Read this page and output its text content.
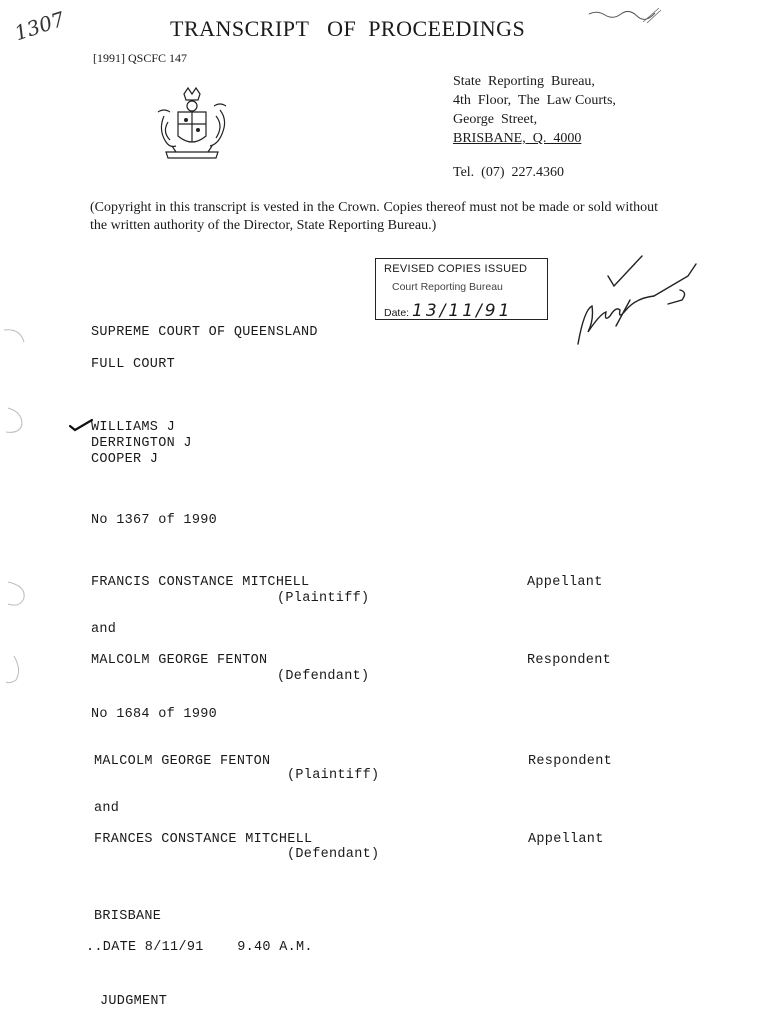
1307	TRANSCRIPT   OF  PROCEEDINGS
[1991] QSCFC 147
State  Reporting  Bureau,
4th  Floor,  The  Law Courts,
George  Street,
BRISBANE,  Q.  4000
Tel.  (07)  227.4360
(Copyright in this transcript is vested in the Crown. Copies thereof must not be made or sold without the written authority of the Director, State Reporting Bureau.)
REVISED COPIES ISSUED
Court Reporting Bureau
Date: 13/11/91
SUPREME COURT OF QUEENSLAND
FULL COURT
WILLIAMS J
DERRINGTON J
COOPER J
No 1367 of 1990
FRANCIS CONSTANCE MITCHELL
(Plaintiff)
Appellant
and
MALCOLM GEORGE FENTON
(Defendant)
Respondent
No 1684 of 1990
MALCOLM GEORGE FENTON
(Plaintiff)
Respondent
and
FRANCES CONSTANCE MITCHELL
(Defendant)
Appellant
BRISBANE
..DATE 8/11/91    9.40 A.M.
JUDGMENT
